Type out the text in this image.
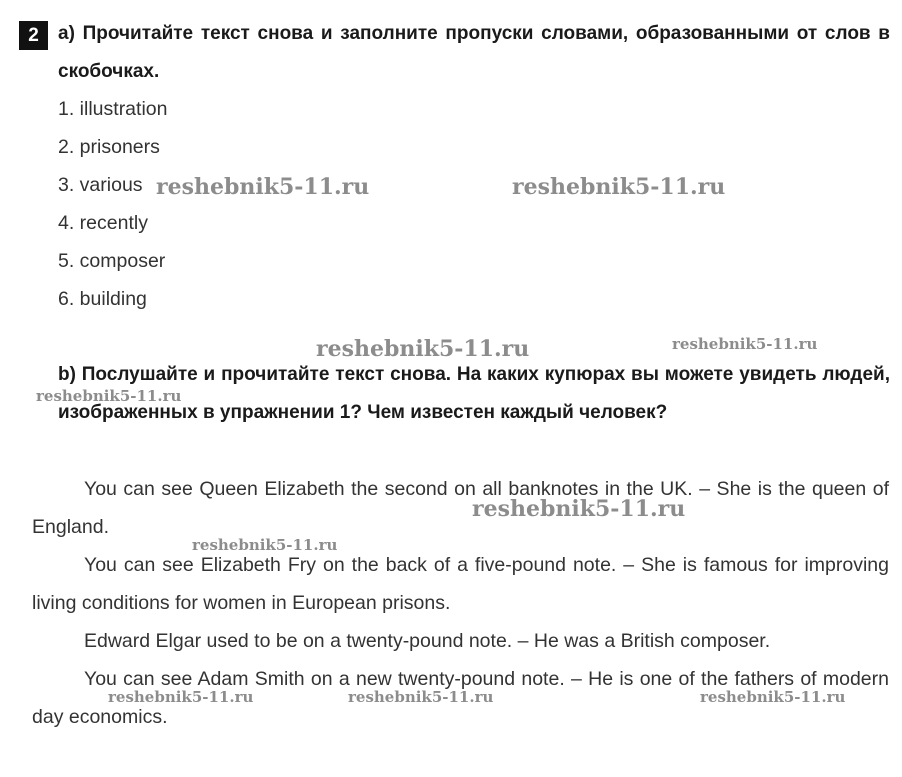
2	a) Прочитайте текст снова и заполните пропуски словами, образованными от слов в скобочках.
1. illustration
2. prisoners
3. various
4. recently
5. composer
6. building
b) Послушайте и прочитайте текст снова. На каких купюрах вы можете увидеть людей, изображенных в упражнении 1? Чем известен каждый человек?
You can see Queen Elizabeth the second on all banknotes in the UK. – She is the queen of England.
You can see Elizabeth Fry on the back of a five-pound note. – She is famous for improving living conditions for women in European prisons.
Edward Elgar used to be on a twenty-pound note. – He was a British composer.
You can see Adam Smith on a new twenty-pound note. – He is one of the fathers of modern day economics.
reshebnik5-11.ru	reshebnik5-11.ru
reshebnik5-11.ru	reshebnik5-11.ru
reshebnik5-11.ru
reshebnik5-11.ru
reshebnik5-11.ru
reshebnik5-11.ru	reshebnik5-11.ru	reshebnik5-11.ru
